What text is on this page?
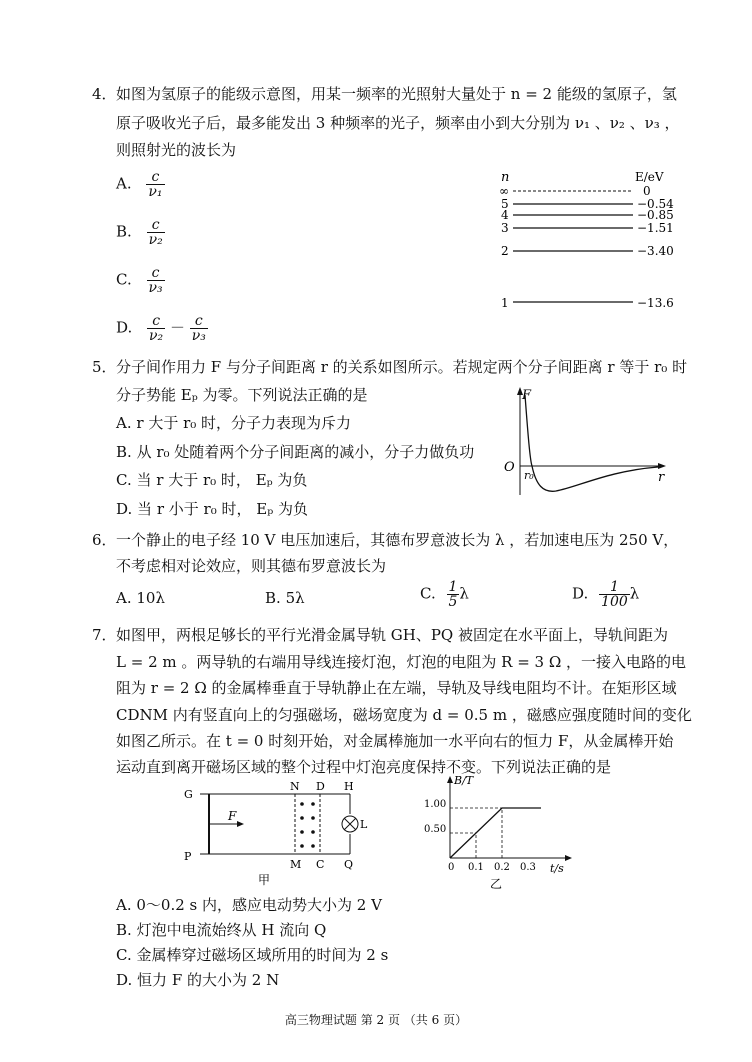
4． 如图为氢原子的能级示意图，用某一频率的光照射大量处于 n = 2 能级的氢原子，氢
原子吸收光子后，最多能发出 3 种频率的光子，频率由小到大分别为 ν₁ 、ν₂ 、ν₃ ，
则照射光的波长为
A. $\frac{c}{\text{ν₁}}$
B. $\frac{c}{\text{ν₂}}$
C. $\frac{c}{\text{ν₃}}$
D. $\frac{c}{\text{ν₂}} - \frac{c}{\text{ν₃}}$
n	E/eV
∞	0
5	−0.54
4	−0.85
3	−1.51
2	−3.40
1	−13.6
5． 分子间作用力 F 与分子间距离 r 的关系如图所示。若规定两个分子间距离 r 等于 r₀ 时
分子势能 Eₚ 为零。下列说法正确的是
A. r 大于 r₀ 时，分子力表现为斥力
B. 从 r₀ 处随着两个分子间距离的减小，分子力做负功
C. 当 r 大于 r₀ 时， Eₚ 为负
D. 当 r 小于 r₀ 时， Eₚ 为负
F
r
O
r₀
6． 一个静止的电子经 10 V 电压加速后，其德布罗意波长为 λ ，若加速电压为 250 V，
不考虑相对论效应，则其德布罗意波长为
A. 10λ	B. 5λ	C. $\frac{1}{5}$ λ	D. $\frac{1}{100}$ λ
7． 如图甲，两根足够长的平行光滑金属导轨 GH、PQ 被固定在水平面上，导轨间距为
L = 2 m 。两导轨的右端用导线连接灯泡，灯泡的电阻为 R = 3 Ω ，一接入电路的电
阻为 r = 2 Ω 的金属棒垂直于导轨静止在左端，导轨及导线电阻均不计。在矩形区域
CDNM 内有竖直向上的匀强磁场，磁场宽度为 d = 0.5 m ，磁感应强度随时间的变化
如图乙所示。在 t = 0 时刻开始，对金属棒施加一水平向右的恒力 F，从金属棒开始
运动直到离开磁场区域的整个过程中灯泡亮度保持不变。下列说法正确的是
L
F
G
P
N D H
M C Q
甲
B/T
t/s
1.00
0.50
0 0.1 0.2 0.3
乙
A. 0～0.2 s 内，感应电动势大小为 2 V
B. 灯泡中电流始终从 H 流向 Q
C. 金属棒穿过磁场区域所用的时间为 2 s
D. 恒力 F 的大小为 2 N
高三物理试题 第 2 页 （共 6 页）
